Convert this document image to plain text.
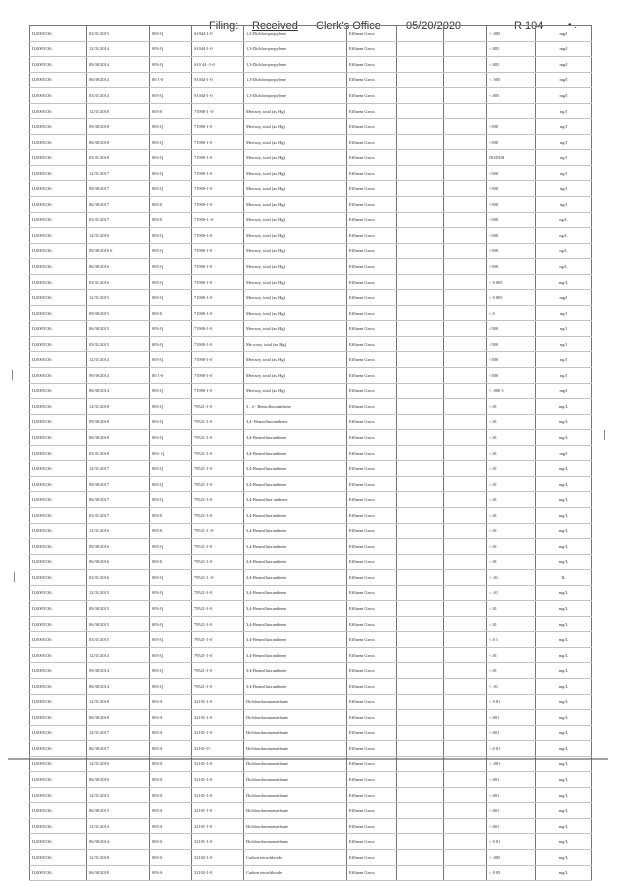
Filing: Received Clerk's Office 05/20/2020	R 104 • .
IL0005136	03/31/2015	003-Q	S1044-1-0	1,3-Dichloropropylene	Effluent Gross			< .005	mg/l
IL0005136	12/31/2014	003-Q	S1044-1-0	1,3-Dichloropropylene	Effluent Gross			<.005	mg/l
IL0005136	09/30/2014	003-Q	S10 44 -1-0	1,3-Dichloropropylene	Effluent Gross			<.005	mg/l
IL0005136	06/30/2014	00 1-0	S1044-1-0	1,3-Dichloropropylene	Effluent Gross			<. 005	mg/l
IL0005136	03/31/2014	003-Q	S1044-1-0	1,3-Dichloropropylene	Effluent Gross			<.005	mg/l
IL0005136	12/31/2018	003-0	71908-1 -0	Mercury, total (as Hg)	Effluent Gross				ng/l
IL0005136	09/30/2018	003-Q	71900-1-0	Mercury, total (as Hg)	Effluent Gross			<500	ng/l
IL0005136	06/30/2018	003-Q	71900-1-0	Mercury, total (as Hg)	Effluent Gross			<500	ng/l
IL0005136	03/31/2018	003-Q	71900-1-0	Mercury, total (as Hg)	Effluent Gross			NODI:B	ng/l
IL0005136	12/31/2017	003-Q	71900-1-0	Mercury, total (as Hg)	Effluent Gross			<500	ng/l
IL0005136	09/30/2017	003-Q	71900-1-0	Mercury, total (as Hg)	Effluent Gross			<500	ng/l
IL0005136	06/30/2017	003-0	71900-1-0	Mercury, total (as Hg)	Effluent Gross			<500	ng/l
IL0005136	03/31/2017	003-0	71900-1 -0	Mercury, total (as Hg)	Effluent Gross			<500	ng/L
IL0005136	12/31/2016	003-Q	71900-1-0	Mercury, total (as Hg)	Effluent Gross			<500	ng/L
IL0005136	09/30/2016 6	003-Q	71900-1-0	Mercury, total (as Hg)	Effluent Gross			<500	ng/L
IL0005136	06/30/2016	003-Q	71900-1-0	Mercury, total (as Hg)	Effluent Gross			<500	ng/L
IL0005136	03/31/2016	003-Q	71900-1-0	Mercury, total (as Hg)	Effluent Gross			< 0 005	mg/L
IL0005136	12/31/2015	003-Q	71900-1-0	Mercury, total (as Hg)	Effluent Gross			< 0 005	mg/l
IL0005136	09/30/2015	003-0	71900-1-0	Mercury, total (as Hg)	Effluent Gross			<.5	ng/l
IL0005136	06/30/2015	003-Q	71900-1-0	Mercury, total (as Hg)	Effluent Gross			<500	ng/l
IL0005136	03/31/2015	003-Q	71900-1-0	Me rcury, total (as Hg)	Effluent Gross			<500	ng/l
IL0005136	12/31/2014	003-Q	71900-1-0	Mercury, total (as Hg)	Effluent Gross			<500	ng/l
IL0005136	09/30/2014	00 1-0	71900-1-0	Mercury, total (as Hg)	Effluent Gross			<500	ng/l
IL0005136	06/30/2014	003-Q	71900-1-0	Mercury, total (as Hg)	Effluent Gross			< .000 5	mg/l
IL0005136	12/31/2018	003-Q	79521-1-0	3 , 4 - Benzofluoranthene	Effluent Gross			<.01	mg/L
IL0005136	09/30/2018	003-Q	79521-1-0	3,4- Benzofluoranthene	Effluent Gross			<.01	mg/L
IL0005136	06/30/2018	003-Q	79521-1-0	3,4-Benzofluoranthene	Effluent Gross			<.01	mg/L
IL0005136	03/31/2018	003- Q	79521-1-0	3,4-Benzofluoranthene	Effluent Gross			<.01	mg/l
IL0005136	12/31/2017	003-Q	79521-1-0	3,4-Benzofluoranthene	Effluent Gross			<.01	mg/L
IL0005136	09/30/2017	003-Q	79521-1-0	3,4-Benzofluoranthene	Effluent Gross			<.01	mg/L
IL0005136	06/30/2017	003-Q	79521-1-0	3,4-Benzofluor anthene	Effluent Gross			<.01	mg/L
IL0005136	03/31/2017	003-0	79521-1-0	3,4-Benzofluoranthene	Effluent Gross			<.01	mg/L
IL0005136	12/31/2016	003-0	79521-1 -0	3,4-Benzofluoranthene	Effluent Gross			<.01	mg/L
IL0005136	09/30/2016	003-Q	79521-1-0	3,4-Benzofluoranthene	Effluent Gross			<.01	mg/L
IL0005136	06/30/2016	003-0	79521-1-0	3,4-Benzofluoranthene	Effluent Gross			<.01	mg/L
IL0005136	03/31/2016	003-Q	79521-1 -0	3,4-Benzofluoranthene	Effluent Gross			< .01	IL
IL0005136	12/31/2015	003-Q	79521-1-0	3,4-Benzofluoranthene	Effluent Gross			< .01	mg/L
IL0005136	09/30/2015	003-Q	79521-1-0	3,4-Benzofluoranthene	Effluent Gross			<.01	mg/L
IL0005136	06/30/2015	003-Q	79521-1-0	3,4-Benzofluoranthene	Effluent Gross			<.01	mg/L
IL0005136	03/31/2015	003-Q	79521-1-0	3,4-Benzofluoranthene	Effluent Gross			<.0 1	mg/L
IL0005136	12/31/2014	003-Q	79521-1-0	3,4-Benzofluoranthene	Effluent Gross			<.01	mg/L
IL0005136	09/30/2014	003-Q	79521-1-0	3,4-Benzofluoranthene	Effluent Gross			<.01	mg/L
IL0005136	06/30/2014	003-Q	79521-1-0	3,4-Benzofluoranthene	Effluent Gross			< .01	mg/L
IL0005136	12/31/2018	003-S	32101-1-0	Dichlorobromomethane	Effluent Gross			< 0 01	mg/L
IL0005136	06/30/2018	003-S	32101-1-0	Dichlorobromomethane	Effluent Gross			<.001	mg/L
IL0005136	12/31/2017	003-S	32101-1-0	Dichlorobromomethane	Effluent Gross			<.001	mg/L
IL0005136	06/30/2017	003-S	32101-O	Dichlorobromomethane	Effluent Gross			<.0 01	mg/L
IL0005136	12/31/2016	003-S	32101-1-0	Dichlorobromomethane	Effluent Gross			< .001	mg/L
IL0005136	06/30/2016	003-S	32101-1-0	Dichlorobromomethane	Effluent Gross			<.001	mg/L
IL0005136	12/31/2015	003-S	32101-1-0	Dichlorobromomethane	Effluent Gross			<.001	mg/L
IL0005136	06/30/2015	003-S	32101-1-0	Dichlorobromomethane	Effluent Gross			<.001	mg/L
IL0005136	12/31/2014	003-S	32101-1-0	Dichlorobromomethane	Effluent Gross			<.001	mg/L
IL0005136	06/30/2014	003-S	32101-1-0	Dichlorobromomethane	Effluent Gross			< 0 01	mg/L
IL0005136	12/31/2018	003-S	32102-1-0	Carbon tetrachloride	Effluent Gross			< .005	mg/L
IL0005136	06/30/2018	003-S	32102-1-0	Carbon tetrachloride	Effluent Gross			< 0 05	mg/L
